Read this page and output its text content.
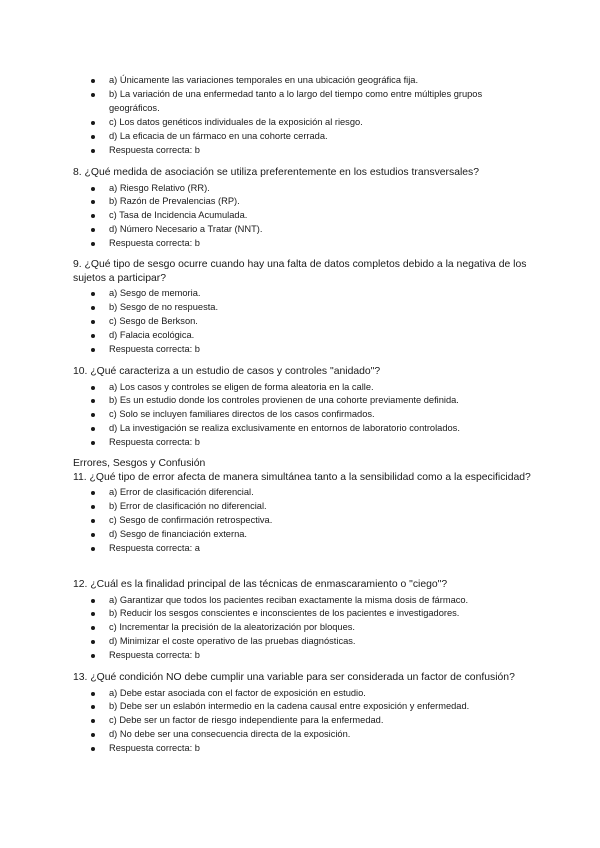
a) Únicamente las variaciones temporales en una ubicación geográfica fija.
b) La variación de una enfermedad tanto a lo largo del tiempo como entre múltiples grupos geográficos.
c) Los datos genéticos individuales de la exposición al riesgo.
d) La eficacia de un fármaco en una cohorte cerrada.
Respuesta correcta: b

8. ¿Qué medida de asociación se utiliza preferentemente en los estudios transversales?

a) Riesgo Relativo (RR).
b) Razón de Prevalencias (RP).
c) Tasa de Incidencia Acumulada.
d) Número Necesario a Tratar (NNT).
Respuesta correcta: b

9. ¿Qué tipo de sesgo ocurre cuando hay una falta de datos completos debido a la negativa de los sujetos a participar?

a) Sesgo de memoria.
b) Sesgo de no respuesta.
c) Sesgo de Berkson.
d) Falacia ecológica.
Respuesta correcta: b

10. ¿Qué caracteriza a un estudio de casos y controles "anidado"?

a) Los casos y controles se eligen de forma aleatoria en la calle.
b) Es un estudio donde los controles provienen de una cohorte previamente definida.
c) Solo se incluyen familiares directos de los casos confirmados.
d) La investigación se realiza exclusivamente en entornos de laboratorio controlados.
Respuesta correcta: b

Errores, Sesgos y Confusión

11. ¿Qué tipo de error afecta de manera simultánea tanto a la sensibilidad como a la especificidad?

a) Error de clasificación diferencial.
b) Error de clasificación no diferencial.
c) Sesgo de confirmación retrospectiva.
d) Sesgo de financiación externa.
Respuesta correcta: a

12. ¿Cuál es la finalidad principal de las técnicas de enmascaramiento o "ciego"?

a) Garantizar que todos los pacientes reciban exactamente la misma dosis de fármaco.
b) Reducir los sesgos conscientes e inconscientes de los pacientes e investigadores.
c) Incrementar la precisión de la aleatorización por bloques.
d) Minimizar el coste operativo de las pruebas diagnósticas.
Respuesta correcta: b

13. ¿Qué condición NO debe cumplir una variable para ser considerada un factor de confusión?

a) Debe estar asociada con el factor de exposición en estudio.
b) Debe ser un eslabón intermedio en la cadena causal entre exposición y enfermedad.
c) Debe ser un factor de riesgo independiente para la enfermedad.
d) No debe ser una consecuencia directa de la exposición.
Respuesta correcta: b
